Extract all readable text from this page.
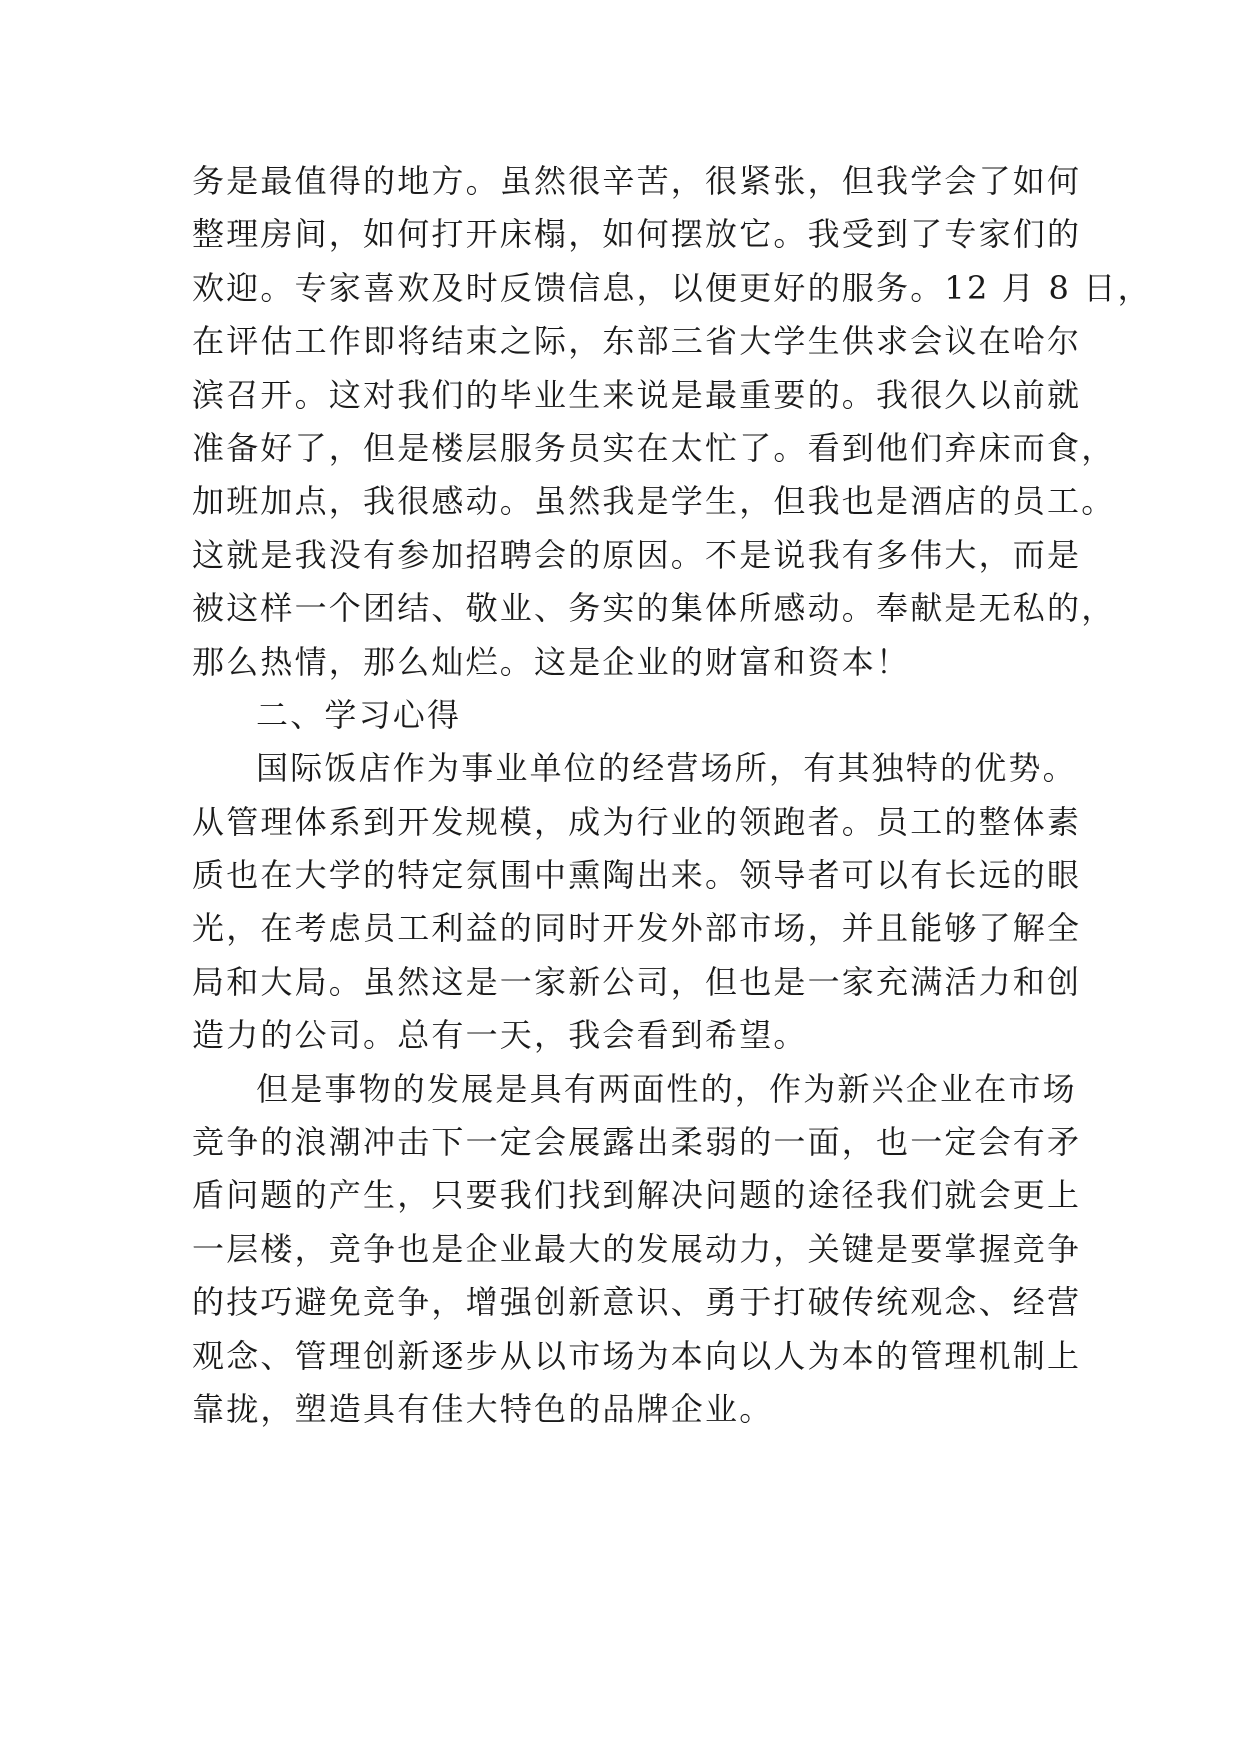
务是最值得的地方。虽然很辛苦，很紧张，但我学会了如何
整理房间，如何打开床榻，如何摆放它。我受到了专家们的
欢迎。专家喜欢及时反馈信息，以便更好的服务。12 月 8 日，
在评估工作即将结束之际，东部三省大学生供求会议在哈尔
滨召开。这对我们的毕业生来说是最重要的。我很久以前就
准备好了，但是楼层服务员实在太忙了。看到他们弃床而食，
加班加点，我很感动。虽然我是学生，但我也是酒店的员工。
这就是我没有参加招聘会的原因。不是说我有多伟大，而是
被这样一个团结、敬业、务实的集体所感动。奉献是无私的，
那么热情，那么灿烂。这是企业的财富和资本！
二、学习心得
国际饭店作为事业单位的经营场所，有其独特的优势。
从管理体系到开发规模，成为行业的领跑者。员工的整体素
质也在大学的特定氛围中熏陶出来。领导者可以有长远的眼
光，在考虑员工利益的同时开发外部市场，并且能够了解全
局和大局。虽然这是一家新公司，但也是一家充满活力和创
造力的公司。总有一天，我会看到希望。
但是事物的发展是具有两面性的，作为新兴企业在市场
竞争的浪潮冲击下一定会展露出柔弱的一面，也一定会有矛
盾问题的产生，只要我们找到解决问题的途径我们就会更上
一层楼，竞争也是企业最大的发展动力，关键是要掌握竞争
的技巧避免竞争，增强创新意识、勇于打破传统观念、经营
观念、管理创新逐步从以市场为本向以人为本的管理机制上
靠拢，塑造具有佳大特色的品牌企业。
